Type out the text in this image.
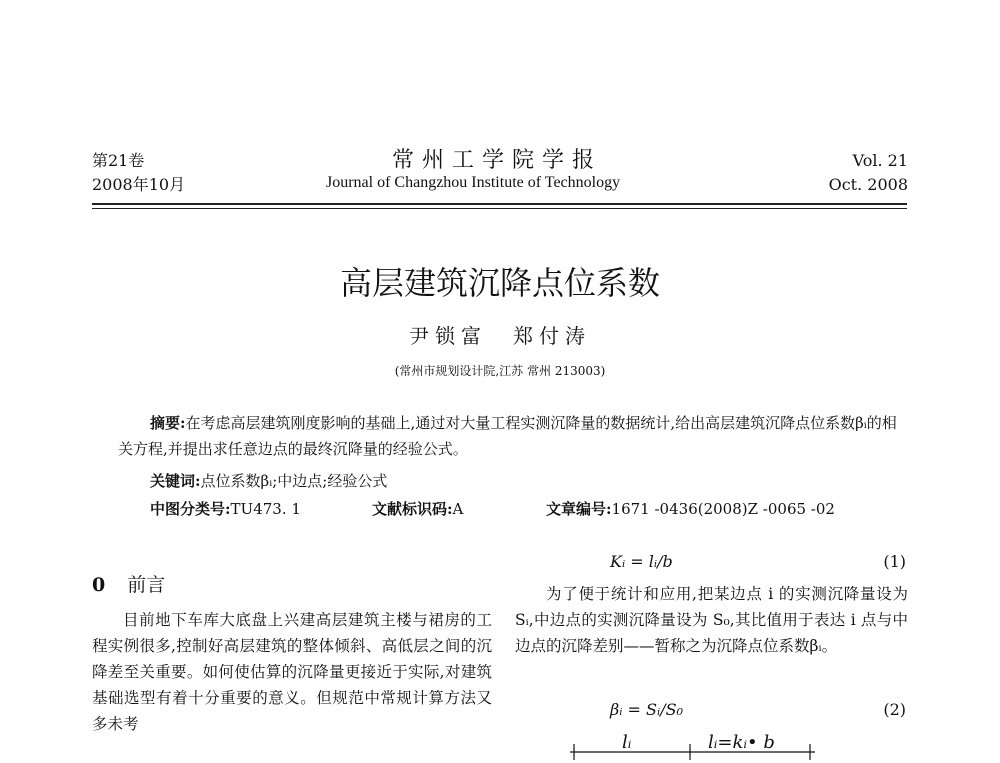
第21卷
2008年10月
常州工学院学报
Journal of Changzhou Institute of Technology
Vol. 21
Oct. 2008
高层建筑沉降点位系数
尹锁富　郑付涛
(常州市规划设计院,江苏 常州 213003)
摘要:在考虑高层建筑刚度影响的基础上,通过对大量工程实测沉降量的数据统计,给出高层建筑沉降点位系数βᵢ的相关方程,并提出求任意边点的最终沉降量的经验公式。
关键词:点位系数βᵢ;中边点;经验公式
中图分类号:TU473. 1	文献标识码:A	文章编号:1671 -0436(2008)Z -0065 -02
0 前言
目前地下车库大底盘上兴建高层建筑主楼与裙房的工程实例很多,控制好高层建筑的整体倾斜、高低层之间的沉降差至关重要。如何使估算的沉降量更接近于实际,对建筑基础选型有着十分重要的意义。但规范中常规计算方法又多未考
Kᵢ = lᵢ/b	(1)
为了便于统计和应用,把某边点 i 的实测沉降量设为 Sᵢ,中边点的实测沉降量设为 S₀,其比值用于表达 i 点与中边点的沉降差别——暂称之为沉降点位系数βᵢ。
βᵢ = Sᵢ/S₀	(2)
lᵢ	lᵢ=kᵢ• b
